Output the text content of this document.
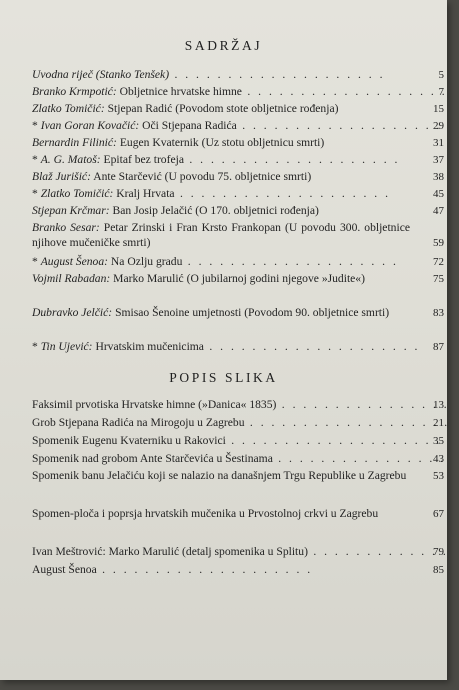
SADRŽAJ
Uvodna riječ (Stanko Tenšek) . . .	5
Branko Krmpotić: Obljetnice hrvatske himne . . .	7
Zlatko Tomičić: Stjepan Radić (Povodom stote obljetnice rođenja)	15
* Ivan Goran Kovačić: Oči Stjepana Radića . . .	29
Bernardin Filinić: Eugen Kvaternik (Uz stotu obljetnicu smrti)	31
* A. G. Matoš: Epitaf bez trofeja . . .	37
Blaž Jurišić: Ante Starčević (U povodu 75. obljetnice smrti)	38
* Zlatko Tomičić: Kralj Hrvata . . .	45
Stjepan Krčmar: Ban Josip Jelačić (O 170. obljetnici rođenja)	47
Branko Sesar: Petar Zrinski i Fran Krsto Frankopan (U povodu 300. obljetnice njihove mučeničke smrti)	59
* August Šenoa: Na Ozlju gradu . . .	72
Vojmil Rabadan: Marko Marulić (O jubilarnoj godini njegove »Judite«)	75
Dubravko Jelčić: Smisao Šenoine umjetnosti (Povodom 90. obljetnice smrti)	83
* Tin Ujević: Hrvatskim mučenicima . . .	87
POPIS SLIKA
Faksimil prvotiska Hrvatske himne (»Danica« 1835) . . .	13
Grob Stjepana Radića na Mirogoju u Zagrebu . . .	21
Spomenik Eugenu Kvaterniku u Rakovici . . .	35
Spomenik nad grobom Ante Starčevića u Šestinama . . .	43
Spomenik banu Jelačiću koji se nalazio na današnjem Trgu Republike u Zagrebu	53
Spomen-ploča i poprsja hrvatskih mučenika u Prvostolnoj crkvi u Zagrebu	67
Ivan Meštrović: Marko Marulić (detalj spomenika u Splitu) . . .	79
August Šenoa . . .	85
